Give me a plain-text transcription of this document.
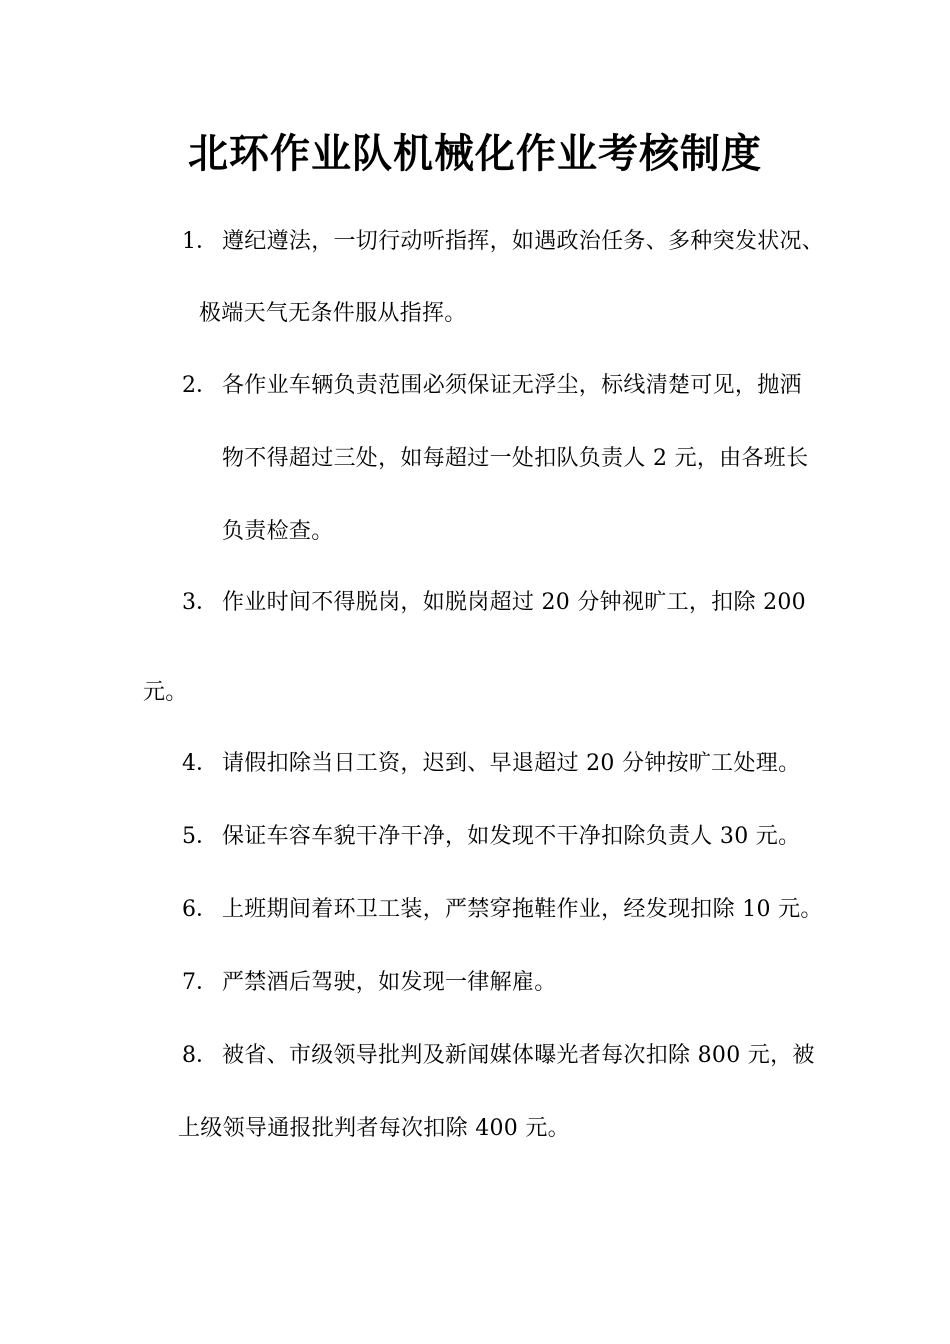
北环作业队机械化作业考核制度
1． 遵纪遵法，一切行动听指挥，如遇政治任务、多种突发状况、
极端天气无条件服从指挥。
2． 各作业车辆负责范围必须保证无浮尘，标线清楚可见，抛洒
物不得超过三处，如每超过一处扣队负责人 2 元，由各班长
负责检查。
3． 作业时间不得脱岗，如脱岗超过 20 分钟视旷工，扣除 200
元。
4． 请假扣除当日工资，迟到、早退超过 20 分钟按旷工处理。
5． 保证车容车貌干净干净，如发现不干净扣除负责人 30 元。
6． 上班期间着环卫工装，严禁穿拖鞋作业，经发现扣除 10 元。
7． 严禁酒后驾驶，如发现一律解雇。
8． 被省、市级领导批判及新闻媒体曝光者每次扣除 800 元，被
上级领导通报批判者每次扣除 400 元。
